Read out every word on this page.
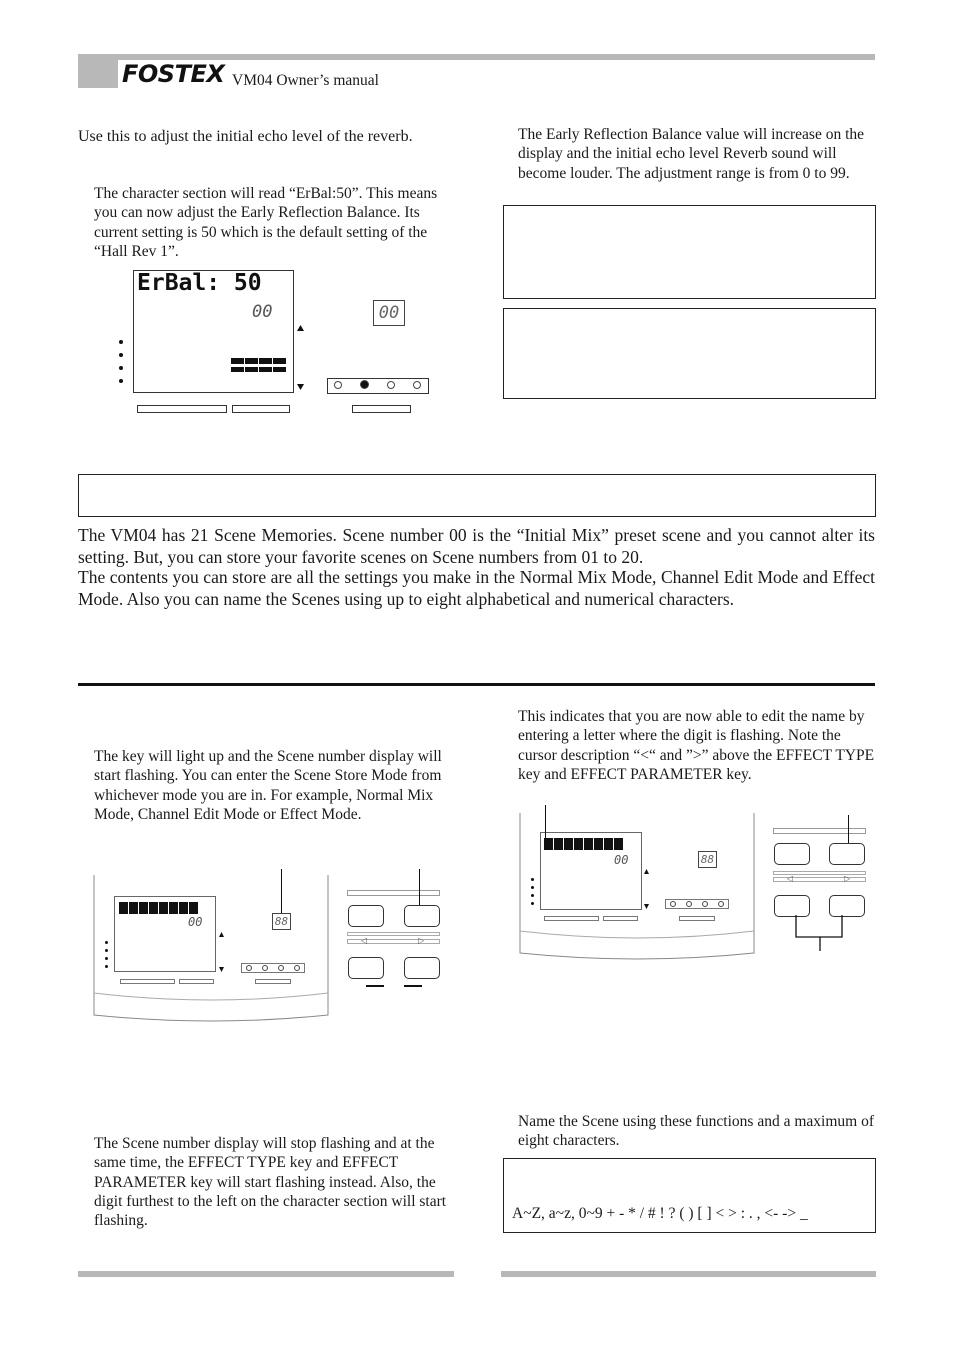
FOSTEX VM04 Owner’s manual
Use this to adjust the initial echo level of the reverb.
The character section will read “ErBal:50”. This means you can now adjust the Early Reflection Balance. Its current setting is 50 which is the default setting of the “Hall Rev 1”.
ErBal: 50
00	00
The Early Reflection Balance value will increase on the display and the initial echo level Reverb sound will become louder. The adjustment range is from 0 to 99.
The VM04 has 21 Scene Memories. Scene number 00 is the “Initial Mix” preset scene and you cannot alter its setting. But, you can store your favorite scenes on Scene numbers from 01 to 20.
The contents you can store are all the settings you make in the Normal Mix Mode, Channel Edit Mode and Effect Mode. Also you can name the Scenes using up to eight alphabetical and numerical characters.
The key will light up and the Scene number display will start flashing. You can enter the Scene Store Mode from whichever mode you are in. For example, Normal Mix Mode, Channel Edit Mode or Effect Mode.
00	88
◁	▷
The Scene number display will stop flashing and at the same time, the EFFECT TYPE key and EFFECT PARAMETER key will start flashing instead. Also, the digit furthest to the left on the character section will start flashing.
This indicates that you are now able to edit the name by entering a letter where the digit is flashing. Note the cursor description “<“ and ”>” above the EFFECT TYPE key and EFFECT PARAMETER key.
00	88
◁	▷
Name the Scene using these functions and a maximum of eight characters.
A~Z, a~z, 0~9 + - * / # ! ? ( ) [ ] < > : . , <- -> _
